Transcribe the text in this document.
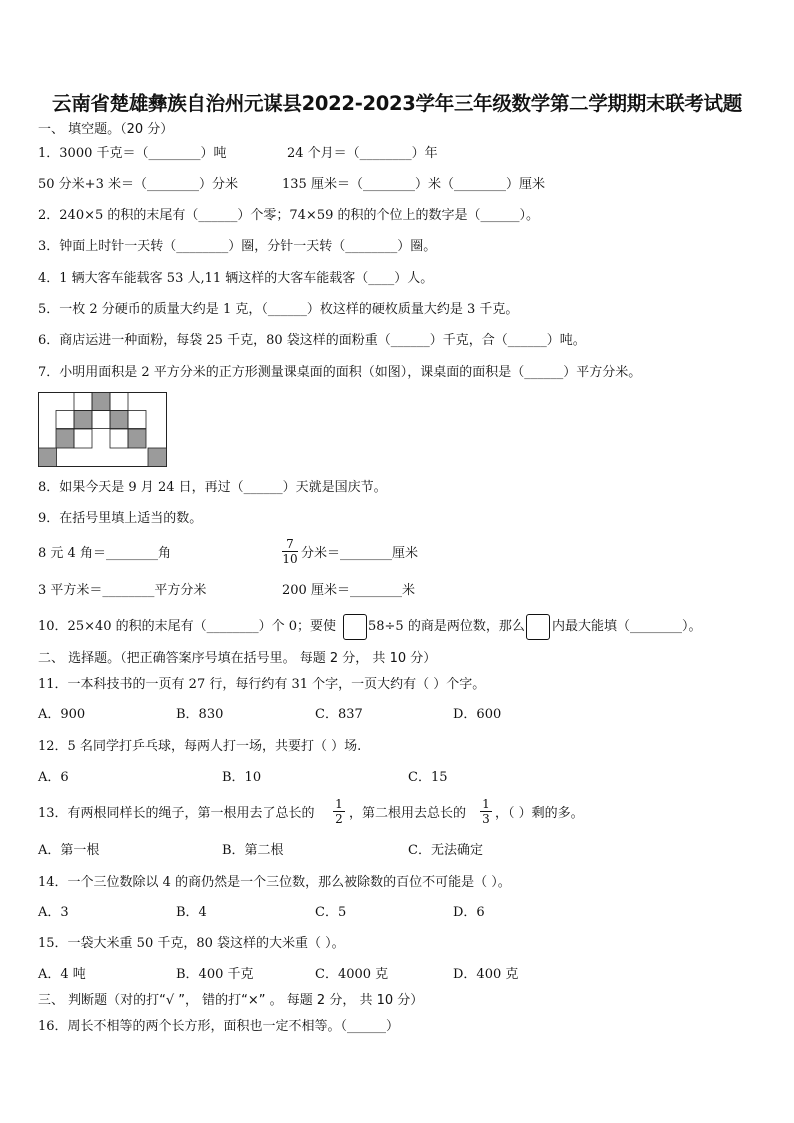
云南省楚雄彝族自治州元谋县2022-2023学年三年级数学第二学期期末联考试题
一、 填空题。（20 分）
1．3000 千克＝（________）吨	24 个月＝（________）年
50 分米+3 米＝（________）分米	135 厘米＝（________）米（________）厘米
2．240×5 的积的末尾有（______）个零；74×59 的积的个位上的数字是（______）。
3．钟面上时针一天转（________）圈，分针一天转（________）圈。
4．1 辆大客车能载客 53 人,11 辆这样的大客车能载客（____）人。
5．一枚 2 分硬币的质量大约是 1 克，（______）枚这样的硬枚质量大约是 3 千克。
6．商店运进一种面粉，每袋 25 千克，80 袋这样的面粉重（______）千克，合（______）吨。
7．小明用面积是 2 平方分米的正方形测量课桌面的面积（如图），课桌面的面积是（______）平方分米。
8．如果今天是 9 月 24 日，再过（______）天就是国庆节。
9．在括号里填上适当的数。
8 元 4 角＝________角	$\frac{7}{10}$ 分米＝________厘米
3 平方米＝________平方分米	200 厘米＝________米
10．25×40 的积的末尾有（________）个 0；要使 58÷5 的商是两位数，那么 内最大能填（________）。
二、 选择题。（把正确答案序号填在括号里。 每题 2 分， 共 10 分）
11．一本科技书的一页有 27 行，每行约有 31 个字，一页大约有（ ）个字。
A．900	B．830	C．837	D．600
12．5 名同学打乒乓球，每两人打一场，共要打（ ）场.
A．6	B．10	C．15
13．有两根同样长的绳子，第一根用去了总长的 $\frac{1}{2}$ ，第二根用去总长的 $\frac{1}{3}$ ，（ ）剩的多。
A．第一根	B．第二根	C．无法确定
14．一个三位数除以 4 的商仍然是一个三位数，那么被除数的百位不可能是（ ）。
A．3	B．4	C．5	D．6
15．一袋大米重 50 千克，80 袋这样的大米重（ ）。
A．4 吨	B．400 千克	C．4000 克	D．400 克
三、 判断题（对的打“√ ”， 错的打“×” 。 每题 2 分， 共 10 分）
16．周长不相等的两个长方形，面积也一定不相等。（______）
